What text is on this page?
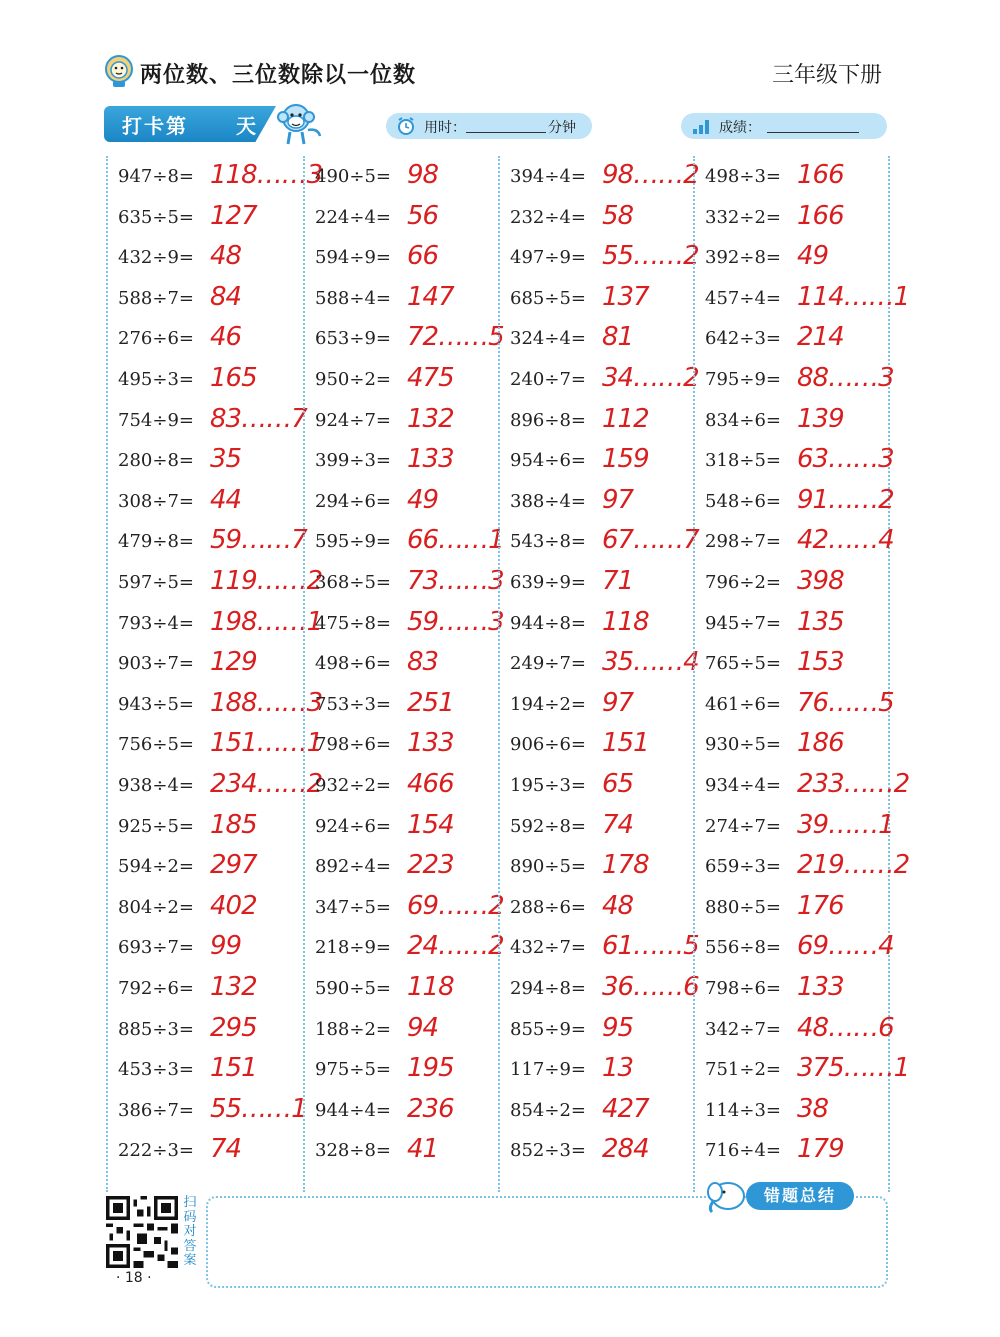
两位数、三位数除以一位数	三年级下册
打卡第 天	用时：	分钟	成绩：
947÷8= 118……3
635÷5= 127
432÷9= 48
588÷7= 84
276÷6= 46
495÷3= 165
754÷9= 83……7
280÷8= 35
308÷7= 44
479÷8= 59……7
597÷5= 119……2
793÷4= 198……1
903÷7= 129
943÷5= 188……3
756÷5= 151……1
938÷4= 234……2
925÷5= 185
594÷2= 297
804÷2= 402
693÷7= 99
792÷6= 132
885÷3= 295
453÷3= 151
386÷7= 55……1
222÷3= 74
490÷5= 98
224÷4= 56
594÷9= 66
588÷4= 147
653÷9= 72……5
950÷2= 475
924÷7= 132
399÷3= 133
294÷6= 49
595÷9= 66……1
368÷5= 73……3
475÷8= 59……3
498÷6= 83
753÷3= 251
798÷6= 133
932÷2= 466
924÷6= 154
892÷4= 223
347÷5= 69……2
218÷9= 24……2
590÷5= 118
188÷2= 94
975÷5= 195
944÷4= 236
328÷8= 41
394÷4= 98……2
232÷4= 58
497÷9= 55……2
685÷5= 137
324÷4= 81
240÷7= 34……2
896÷8= 112
954÷6= 159
388÷4= 97
543÷8= 67……7
639÷9= 71
944÷8= 118
249÷7= 35……4
194÷2= 97
906÷6= 151
195÷3= 65
592÷8= 74
890÷5= 178
288÷6= 48
432÷7= 61……5
294÷8= 36……6
855÷9= 95
117÷9= 13
854÷2= 427
852÷3= 284
498÷3= 166
332÷2= 166
392÷8= 49
457÷4= 114……1
642÷3= 214
795÷9= 88……3
834÷6= 139
318÷5= 63……3
548÷6= 91……2
298÷7= 42……4
796÷2= 398
945÷7= 135
765÷5= 153
461÷6= 76……5
930÷5= 186
934÷4= 233……2
274÷7= 39……1
659÷3= 219……2
880÷5= 176
556÷8= 69……4
798÷6= 133
342÷7= 48……6
751÷2= 375……1
114÷3= 38
716÷4= 179
扫码对答案
· 18 ·
错题总结
